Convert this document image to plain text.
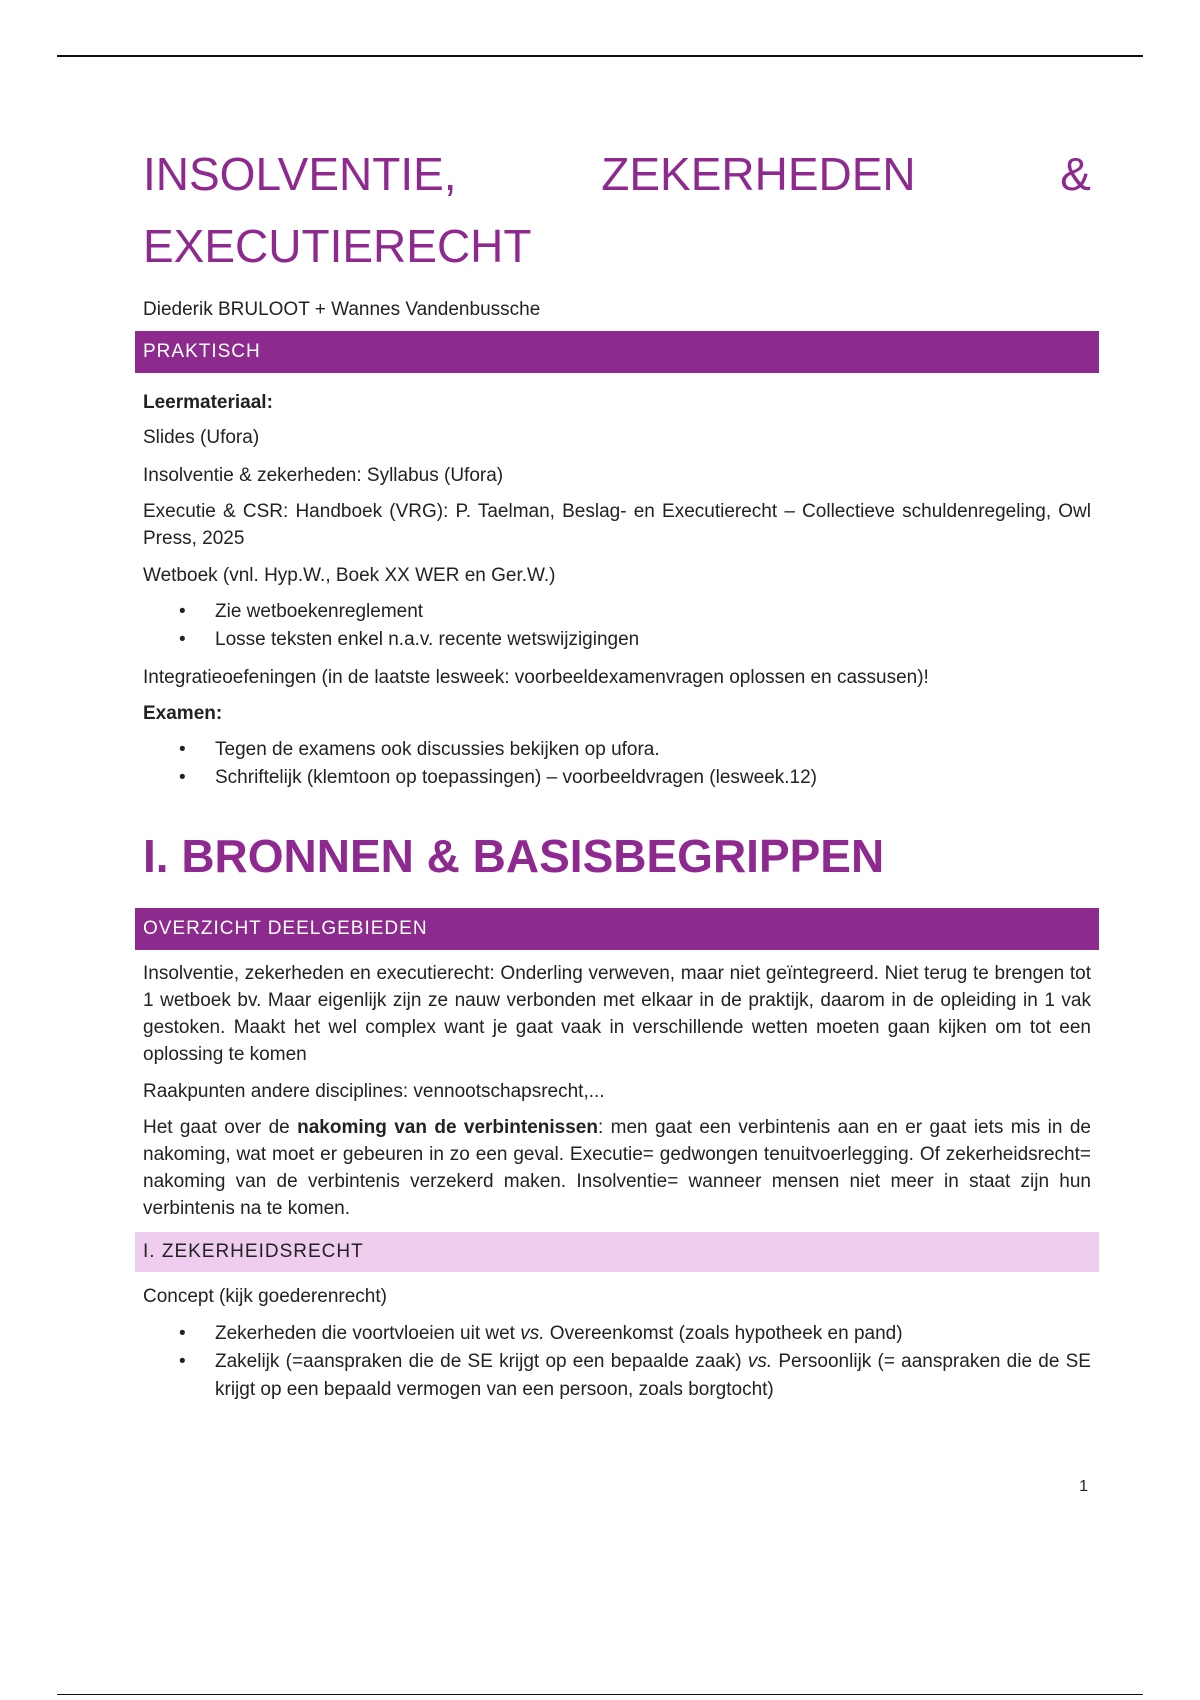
INSOLVENTIE,	ZEKERHEDEN	&
EXECUTIERECHT

Diederik BRULOOT + Wannes Vandenbussche

PRAKTISCH

Leermateriaal:

Slides (Ufora)

Insolventie & zekerheden: Syllabus (Ufora)

Executie & CSR: Handboek (VRG): P. Taelman, Beslag- en Executierecht – Collectieve schuldenregeling, Owl Press, 2025

Wetboek (vnl. Hyp.W., Boek XX WER en Ger.W.)

• Zie wetboekenreglement
• Losse teksten enkel n.a.v. recente wetswijzigingen

Integratieoefeningen (in de laatste lesweek: voorbeeldexamenvragen oplossen en cassusen)!

Examen:

• Tegen de examens ook discussies bekijken op ufora.
• Schriftelijk (klemtoon op toepassingen) – voorbeeldvragen (lesweek.12)
I. BRONNEN & BASISBEGRIPPEN
OVERZICHT DEELGEBIEDEN

Insolventie, zekerheden en executierecht: Onderling verweven, maar niet geïntegreerd. Niet terug te brengen tot 1 wetboek bv. Maar eigenlijk zijn ze nauw verbonden met elkaar in de praktijk, daarom in de opleiding in 1 vak gestoken. Maakt het wel complex want je gaat vaak in verschillende wetten moeten gaan kijken om tot een oplossing te komen

Raakpunten andere disciplines: vennootschapsrecht,...

Het gaat over de nakoming van de verbintenissen: men gaat een verbintenis aan en er gaat iets mis in de nakoming, wat moet er gebeuren in zo een geval. Executie= gedwongen tenuitvoerlegging. Of zekerheidsrecht= nakoming van de verbintenis verzekerd maken. Insolventie= wanneer mensen niet meer in staat zijn hun verbintenis na te komen.

I. ZEKERHEIDSRECHT

Concept (kijk goederenrecht)

• Zekerheden die voortvloeien uit wet vs. Overeenkomst (zoals hypotheek en pand)
• Zakelijk (=aanspraken die de SE krijgt op een bepaalde zaak) vs. Persoonlijk (= aanspraken die de SE krijgt op een bepaald vermogen van een persoon, zoals borgtocht)
1
